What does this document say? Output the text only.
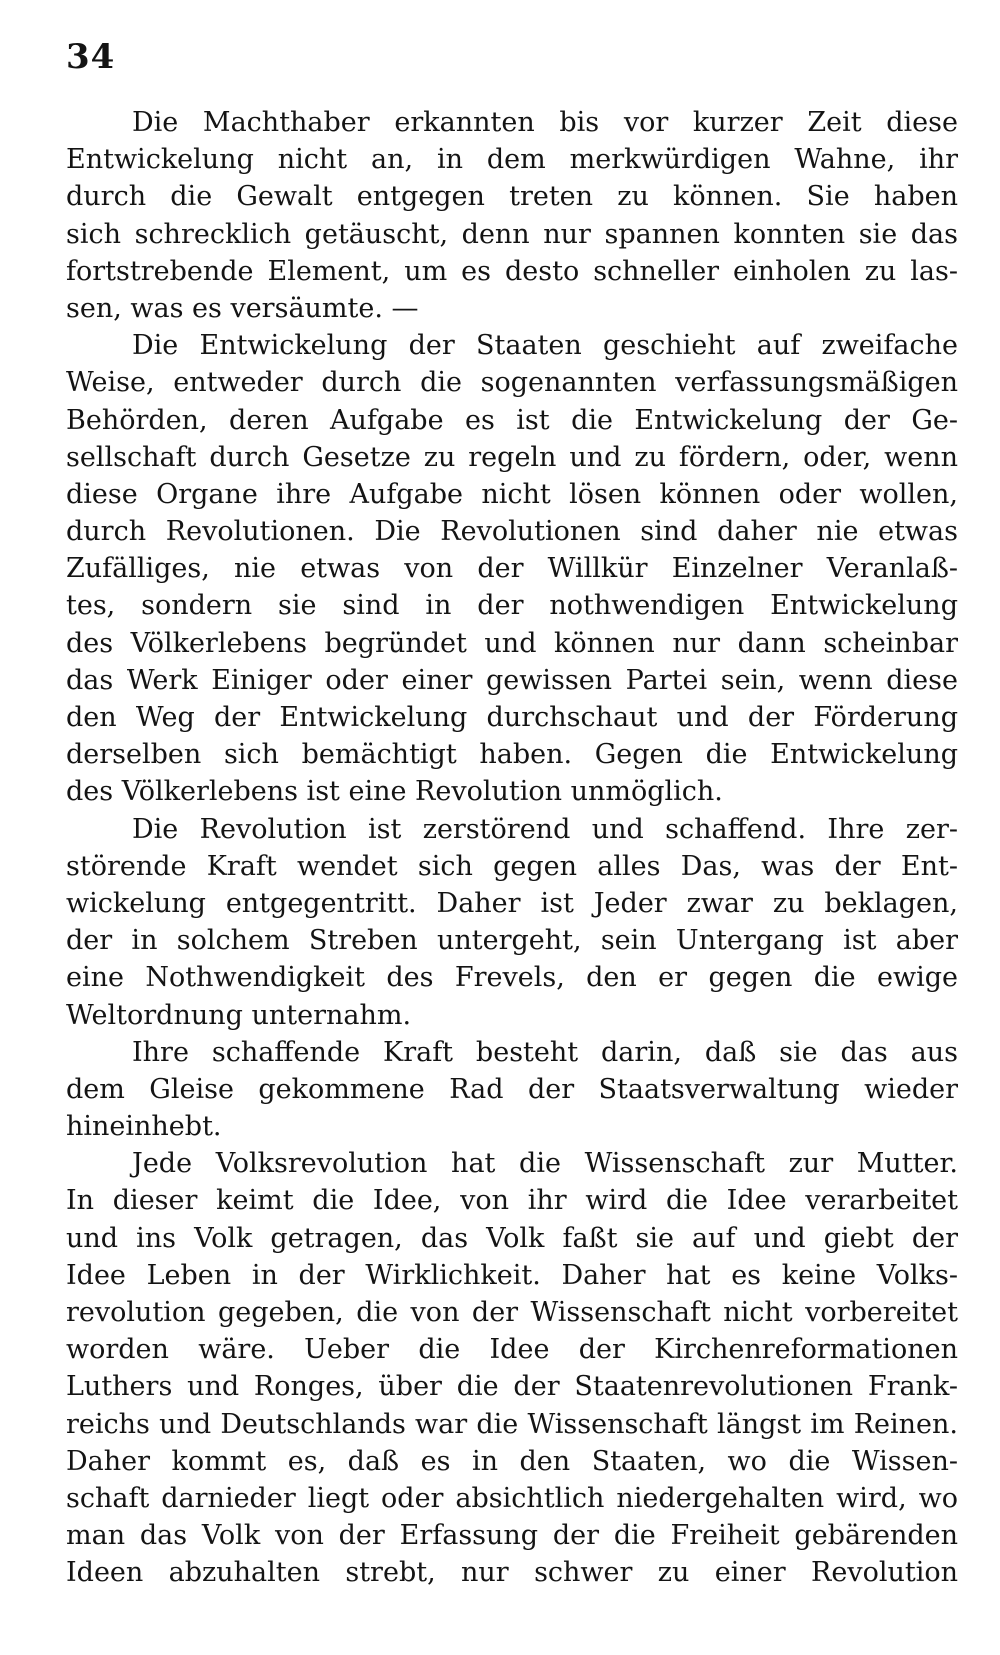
34
Die Machthaber erkannten bis vor kurzer Zeit diese
Entwickelung nicht an, in dem merkwürdigen Wahne, ihr
durch die Gewalt entgegen treten zu können. Sie haben
sich schrecklich getäuscht, denn nur spannen konnten sie das
fortstrebende Element, um es desto schneller einholen zu las-
sen, was es versäumte. —
Die Entwickelung der Staaten geschieht auf zweifache
Weise, entweder durch die sogenannten verfassungsmäßigen
Behörden, deren Aufgabe es ist die Entwickelung der Ge-
sellschaft durch Gesetze zu regeln und zu fördern, oder, wenn
diese Organe ihre Aufgabe nicht lösen können oder wollen,
durch Revolutionen. Die Revolutionen sind daher nie etwas
Zufälliges, nie etwas von der Willkür Einzelner Veranlaß-
tes, sondern sie sind in der nothwendigen Entwickelung
des Völkerlebens begründet und können nur dann scheinbar
das Werk Einiger oder einer gewissen Partei sein, wenn diese
den Weg der Entwickelung durchschaut und der Förderung
derselben sich bemächtigt haben. Gegen die Entwickelung
des Völkerlebens ist eine Revolution unmöglich.
Die Revolution ist zerstörend und schaffend. Ihre zer-
störende Kraft wendet sich gegen alles Das, was der Ent-
wickelung entgegentritt. Daher ist Jeder zwar zu beklagen,
der in solchem Streben untergeht, sein Untergang ist aber
eine Nothwendigkeit des Frevels, den er gegen die ewige
Weltordnung unternahm.
Ihre schaffende Kraft besteht darin, daß sie das aus
dem Gleise gekommene Rad der Staatsverwaltung wieder
hineinhebt.
Jede Volksrevolution hat die Wissenschaft zur Mutter.
In dieser keimt die Idee, von ihr wird die Idee verarbeitet
und ins Volk getragen, das Volk faßt sie auf und giebt der
Idee Leben in der Wirklichkeit. Daher hat es keine Volks-
revolution gegeben, die von der Wissenschaft nicht vorbereitet
worden wäre. Ueber die Idee der Kirchenreformationen
Luthers und Ronges, über die der Staatenrevolutionen Frank-
reichs und Deutschlands war die Wissenschaft längst im Reinen.
Daher kommt es, daß es in den Staaten, wo die Wissen-
schaft darnieder liegt oder absichtlich niedergehalten wird, wo
man das Volk von der Erfassung der die Freiheit gebärenden
Ideen abzuhalten strebt, nur schwer zu einer Revolution
